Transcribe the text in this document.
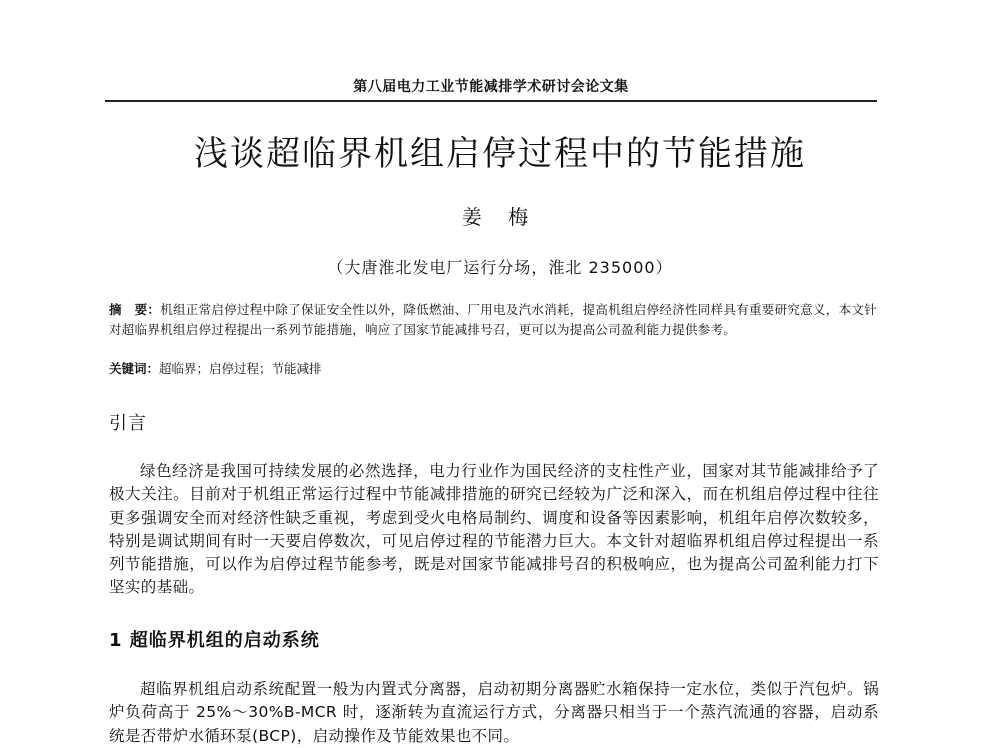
第八届电力工业节能减排学术研讨会论文集
浅谈超临界机组启停过程中的节能措施
姜 梅
（大唐淮北发电厂运行分场，淮北 235000）
摘　要：机组正常启停过程中除了保证安全性以外，降低燃油、厂用电及汽水消耗，提高机组启停经济性同样具有重要研究意义，本文针对超临界机组启停过程提出一系列节能措施，响应了国家节能减排号召，更可以为提高公司盈利能力提供参考。
关键词：超临界；启停过程；节能减排
引言
绿色经济是我国可持续发展的必然选择，电力行业作为国民经济的支柱性产业，国家对其节能减排给予了极大关注。目前对于机组正常运行过程中节能减排措施的研究已经较为广泛和深入，而在机组启停过程中往往更多强调安全而对经济性缺乏重视，考虑到受火电格局制约、调度和设备等因素影响，机组年启停次数较多，特别是调试期间有时一天要启停数次，可见启停过程的节能潜力巨大。本文针对超临界机组启停过程提出一系列节能措施，可以作为启停过程节能参考，既是对国家节能减排号召的积极响应，也为提高公司盈利能力打下坚实的基础。
1 超临界机组的启动系统
超临界机组启动系统配置一般为内置式分离器，启动初期分离器贮水箱保持一定水位，类似于汽包炉。锅炉负荷高于 25%～30%B-MCR 时，逐渐转为直流运行方式，分离器只相当于一个蒸汽流通的容器，启动系统是否带炉水循环泵(BCP)，启动操作及节能效果也不同。
